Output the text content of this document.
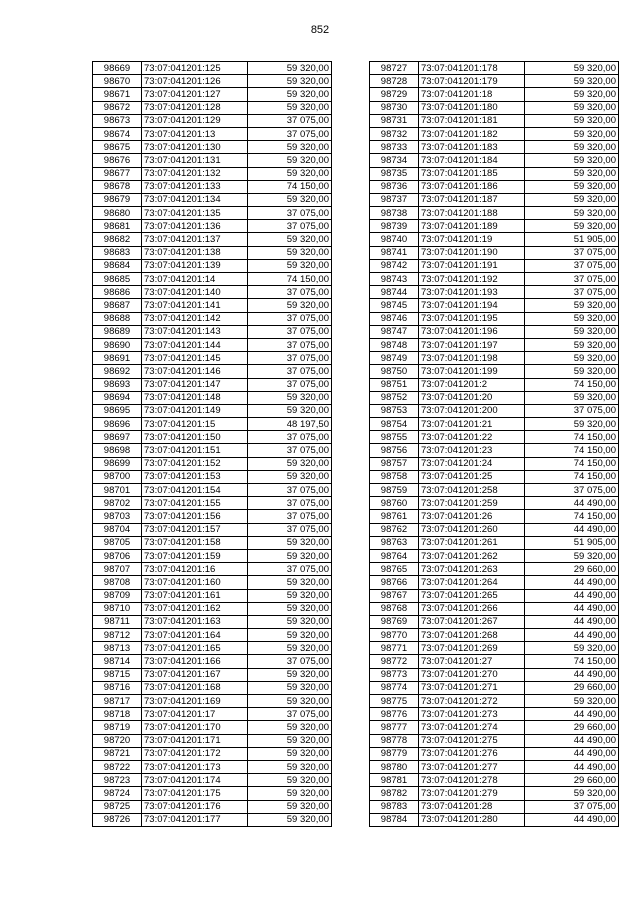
852
98669	73:07:041201:125	59 320,00
98670	73:07:041201:126	59 320,00
98671	73:07:041201:127	59 320,00
98672	73:07:041201:128	59 320,00
98673	73:07:041201:129	37 075,00
98674	73:07:041201:13	37 075,00
98675	73:07:041201:130	59 320,00
98676	73:07:041201:131	59 320,00
98677	73:07:041201:132	59 320,00
98678	73:07:041201:133	74 150,00
98679	73:07:041201:134	59 320,00
98680	73:07:041201:135	37 075,00
98681	73:07:041201:136	37 075,00
98682	73:07:041201:137	59 320,00
98683	73:07:041201:138	59 320,00
98684	73:07:041201:139	59 320,00
98685	73:07:041201:14	74 150,00
98686	73:07:041201:140	37 075,00
98687	73:07:041201:141	59 320,00
98688	73:07:041201:142	37 075,00
98689	73:07:041201:143	37 075,00
98690	73:07:041201:144	37 075,00
98691	73:07:041201:145	37 075,00
98692	73:07:041201:146	37 075,00
98693	73:07:041201:147	37 075,00
98694	73:07:041201:148	59 320,00
98695	73:07:041201:149	59 320,00
98696	73:07:041201:15	48 197,50
98697	73:07:041201:150	37 075,00
98698	73:07:041201:151	37 075,00
98699	73:07:041201:152	59 320,00
98700	73:07:041201:153	59 320,00
98701	73:07:041201:154	37 075,00
98702	73:07:041201:155	37 075,00
98703	73:07:041201:156	37 075,00
98704	73:07:041201:157	37 075,00
98705	73:07:041201:158	59 320,00
98706	73:07:041201:159	59 320,00
98707	73:07:041201:16	37 075,00
98708	73:07:041201:160	59 320,00
98709	73:07:041201:161	59 320,00
98710	73:07:041201:162	59 320,00
98711	73:07:041201:163	59 320,00
98712	73:07:041201:164	59 320,00
98713	73:07:041201:165	59 320,00
98714	73:07:041201:166	37 075,00
98715	73:07:041201:167	59 320,00
98716	73:07:041201:168	59 320,00
98717	73:07:041201:169	59 320,00
98718	73:07:041201:17	37 075,00
98719	73:07:041201:170	59 320,00
98720	73:07:041201:171	59 320,00
98721	73:07:041201:172	59 320,00
98722	73:07:041201:173	59 320,00
98723	73:07:041201:174	59 320,00
98724	73:07:041201:175	59 320,00
98725	73:07:041201:176	59 320,00
98726	73:07:041201:177	59 320,00
98727	73:07:041201:178	59 320,00
98728	73:07:041201:179	59 320,00
98729	73:07:041201:18	59 320,00
98730	73:07:041201:180	59 320,00
98731	73:07:041201:181	59 320,00
98732	73:07:041201:182	59 320,00
98733	73:07:041201:183	59 320,00
98734	73:07:041201:184	59 320,00
98735	73:07:041201:185	59 320,00
98736	73:07:041201:186	59 320,00
98737	73:07:041201:187	59 320,00
98738	73:07:041201:188	59 320,00
98739	73:07:041201:189	59 320,00
98740	73:07:041201:19	51 905,00
98741	73:07:041201:190	37 075,00
98742	73:07:041201:191	37 075,00
98743	73:07:041201:192	37 075,00
98744	73:07:041201:193	37 075,00
98745	73:07:041201:194	59 320,00
98746	73:07:041201:195	59 320,00
98747	73:07:041201:196	59 320,00
98748	73:07:041201:197	59 320,00
98749	73:07:041201:198	59 320,00
98750	73:07:041201:199	59 320,00
98751	73:07:041201:2	74 150,00
98752	73:07:041201:20	59 320,00
98753	73:07:041201:200	37 075,00
98754	73:07:041201:21	59 320,00
98755	73:07:041201:22	74 150,00
98756	73:07:041201:23	74 150,00
98757	73:07:041201:24	74 150,00
98758	73:07:041201:25	74 150,00
98759	73:07:041201:258	37 075,00
98760	73:07:041201:259	44 490,00
98761	73:07:041201:26	74 150,00
98762	73:07:041201:260	44 490,00
98763	73:07:041201:261	51 905,00
98764	73:07:041201:262	59 320,00
98765	73:07:041201:263	29 660,00
98766	73:07:041201:264	44 490,00
98767	73:07:041201:265	44 490,00
98768	73:07:041201:266	44 490,00
98769	73:07:041201:267	44 490,00
98770	73:07:041201:268	44 490,00
98771	73:07:041201:269	59 320,00
98772	73:07:041201:27	74 150,00
98773	73:07:041201:270	44 490,00
98774	73:07:041201:271	29 660,00
98775	73:07:041201:272	59 320,00
98776	73:07:041201:273	44 490,00
98777	73:07:041201:274	29 660,00
98778	73:07:041201:275	44 490,00
98779	73:07:041201:276	44 490,00
98780	73:07:041201:277	44 490,00
98781	73:07:041201:278	29 660,00
98782	73:07:041201:279	59 320,00
98783	73:07:041201:28	37 075,00
98784	73:07:041201:280	44 490,00
